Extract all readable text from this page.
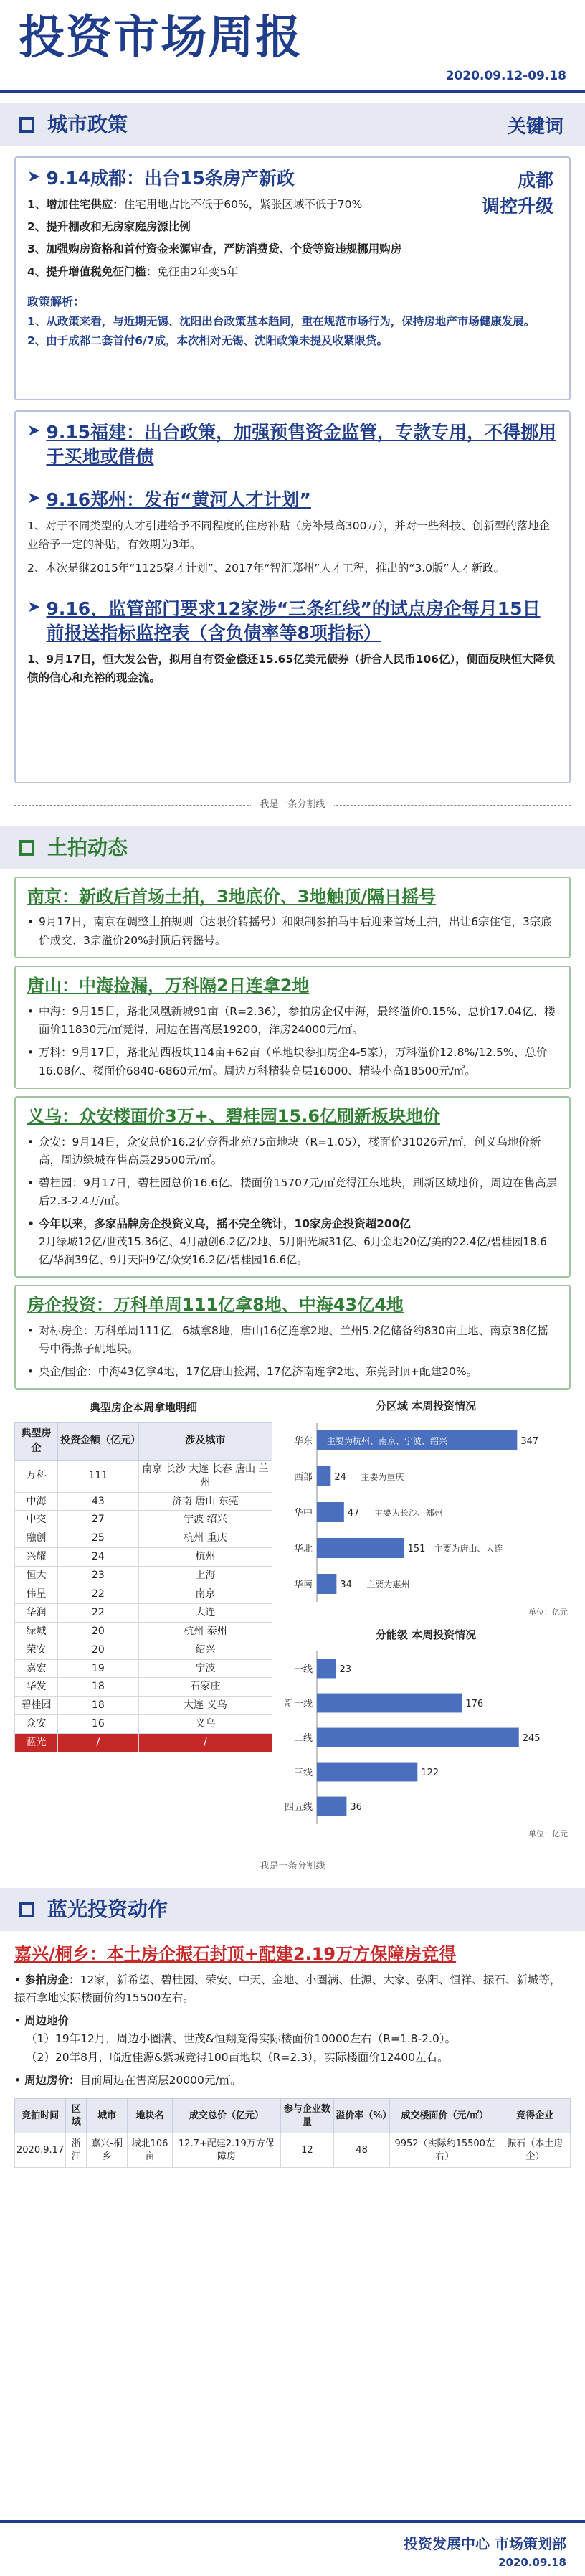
投资市场周报
2020.09.12-09.18
城市政策	关键词
➤ 9.14成都：出台15条房产新政	成都
调控升级
1、增加住宅供应：住宅用地占比不低于60%，紧张区域不低于70%
2、提升棚改和无房家庭房源比例
3、加强购房资格和首付资金来源审查，严防消费贷、个贷等资违规挪用购房
4、提升增值税免征门槛：免征由2年变5年
政策解析：
1、从政策来看，与近期无锡、沈阳出台政策基本趋同，重在规范市场行为，保持房地产市场健康发展。
2、由于成都二套首付6/7成，本次相对无锡、沈阳政策未提及收紧限贷。
➤ 9.15福建：出台政策，加强预售资金监管，专款专用，不得挪用于买地或借债
➤ 9.16郑州：发布“黄河人才计划”
1、对于不同类型的人才引进给予不同程度的住房补贴（房补最高300万），并对一些科技、创新型的落地企业给予一定的补贴，有效期为3年。
2、本次是继2015年“1125聚才计划”、2017年“智汇郑州”人才工程，推出的“3.0版”人才新政。
➤ 9.16，监管部门要求12家涉“三条红线”的试点房企每月15日前报送指标监控表（含负债率等8项指标）
1、9月17日，恒大发公告，拟用自有资金偿还15.65亿美元债券（折合人民币106亿），侧面反映恒大降负债的信心和充裕的现金流。
我是一条分割线
土拍动态
南京：新政后首场土拍，3地底价、3地触顶/隔日摇号
• 9月17日，南京在调整土拍规则（达限价转摇号）和限制参拍马甲后迎来首场土拍，出让6宗住宅，3宗底价成交、3宗溢价20%封顶后转摇号。
唐山：中海捡漏，万科隔2日连拿2地
• 中海：9月15日，路北凤凰新城91亩（R=2.36），参拍房企仅中海，最终溢价0.15%、总价17.04亿、楼面价11830元/㎡竞得，周边在售高层19200，洋房24000元/㎡。
• 万科：9月17日，路北站西板块114亩+62亩（单地块参拍房企4-5家），万科溢价12.8%/12.5%、总价16.08亿、楼面价6840-6860元/㎡。周边万科精装高层16000、精装小高18500元/㎡。
义乌：众安楼面价3万+、碧桂园15.6亿刷新板块地价
• 众安：9月14日，众安总价16.2亿竞得北苑75亩地块（R=1.05），楼面价31026元/㎡，创义乌地价新高，周边绿城在售高层29500元/㎡。
• 碧桂园：9月17日，碧桂园总价16.6亿、楼面价15707元/㎡竞得江东地块，刷新区域地价，周边在售高层后2.3-2.4万/㎡。
• 今年以来，多家品牌房企投资义乌，摇不完全统计，10家房企投资超200亿
2月绿城12亿/世茂15.36亿、4月融创6.2亿/2地、5月阳光城31亿、6月金地20亿/美的22.4亿/碧桂园18.6亿/华润39亿、9月天阳9亿/众安16.2亿/碧桂园16.6亿。
房企投资：万科单周111亿拿8地、中海43亿4地
• 对标房企：万科单周111亿，6城拿8地，唐山16亿连拿2地、兰州5.2亿储备约830亩土地、南京38亿摇号中得燕子矶地块。
• 央企/国企：中海43亿拿4地，17亿唐山捡漏、17亿济南连拿2地、东莞封顶+配建20%。
典型房企本周拿地明细
典型房企	投资金额（亿元）	涉及城市
万科	111	南京 长沙 大连 长春 唐山 兰州
中海	43	济南 唐山 东莞
中交	27	宁波 绍兴
融创	25	杭州 重庆
兴耀	24	杭州
恒大	23	上海
伟星	22	南京
华润	22	大连
绿城	20	杭州 泰州
荣安	20	绍兴
嘉宏	19	宁波
华发	18	石家庄
碧桂园	18	大连 义乌
众安	16	义乌
蓝光	/	/
分区域 本周投资情况
华东	347
主要为杭州、南京、宁波、绍兴
西部 24 主要为重庆
华中	47 主要为长沙、郑州
华北	151 主要为唐山、大连
华南	34 主要为惠州
单位：亿元

分能级 本周投资情况
一线	23
新一线	176
二线	245
三线	122
四五线	36
单位：亿元
我是一条分割线
蓝光投资动作
嘉兴/桐乡：本土房企振石封顶+配建2.19万方保障房竞得
• 参拍房企：12家，新希望、碧桂园、荣安、中天、金地、小圈满、佳源、大家、弘阳、恒祥、振石、新城等，振石拿地实际楼面价约15500左右。
• 周边地价
（1）19年12月，周边小圈满、世茂&恒翔竞得实际楼面价10000左右（R=1.8-2.0）。
（2）20年8月，临近佳源&紫城竞得100亩地块（R=2.3），实际楼面价12400左右。
• 周边房价：目前周边在售高层20000元/㎡。
竞拍时间	区域	城市	地块名	成交总价（亿元）	参与企业数量	溢价率（%）	成交楼面价（元/㎡）	竞得企业
2020.9.17	浙江	嘉兴-桐乡	城北106亩	12.7+配建2.19万方保障房	12	48	9952（实际约15500左右）	振石（本土房企）
投资发展中心 市场策划部
2020.09.18
